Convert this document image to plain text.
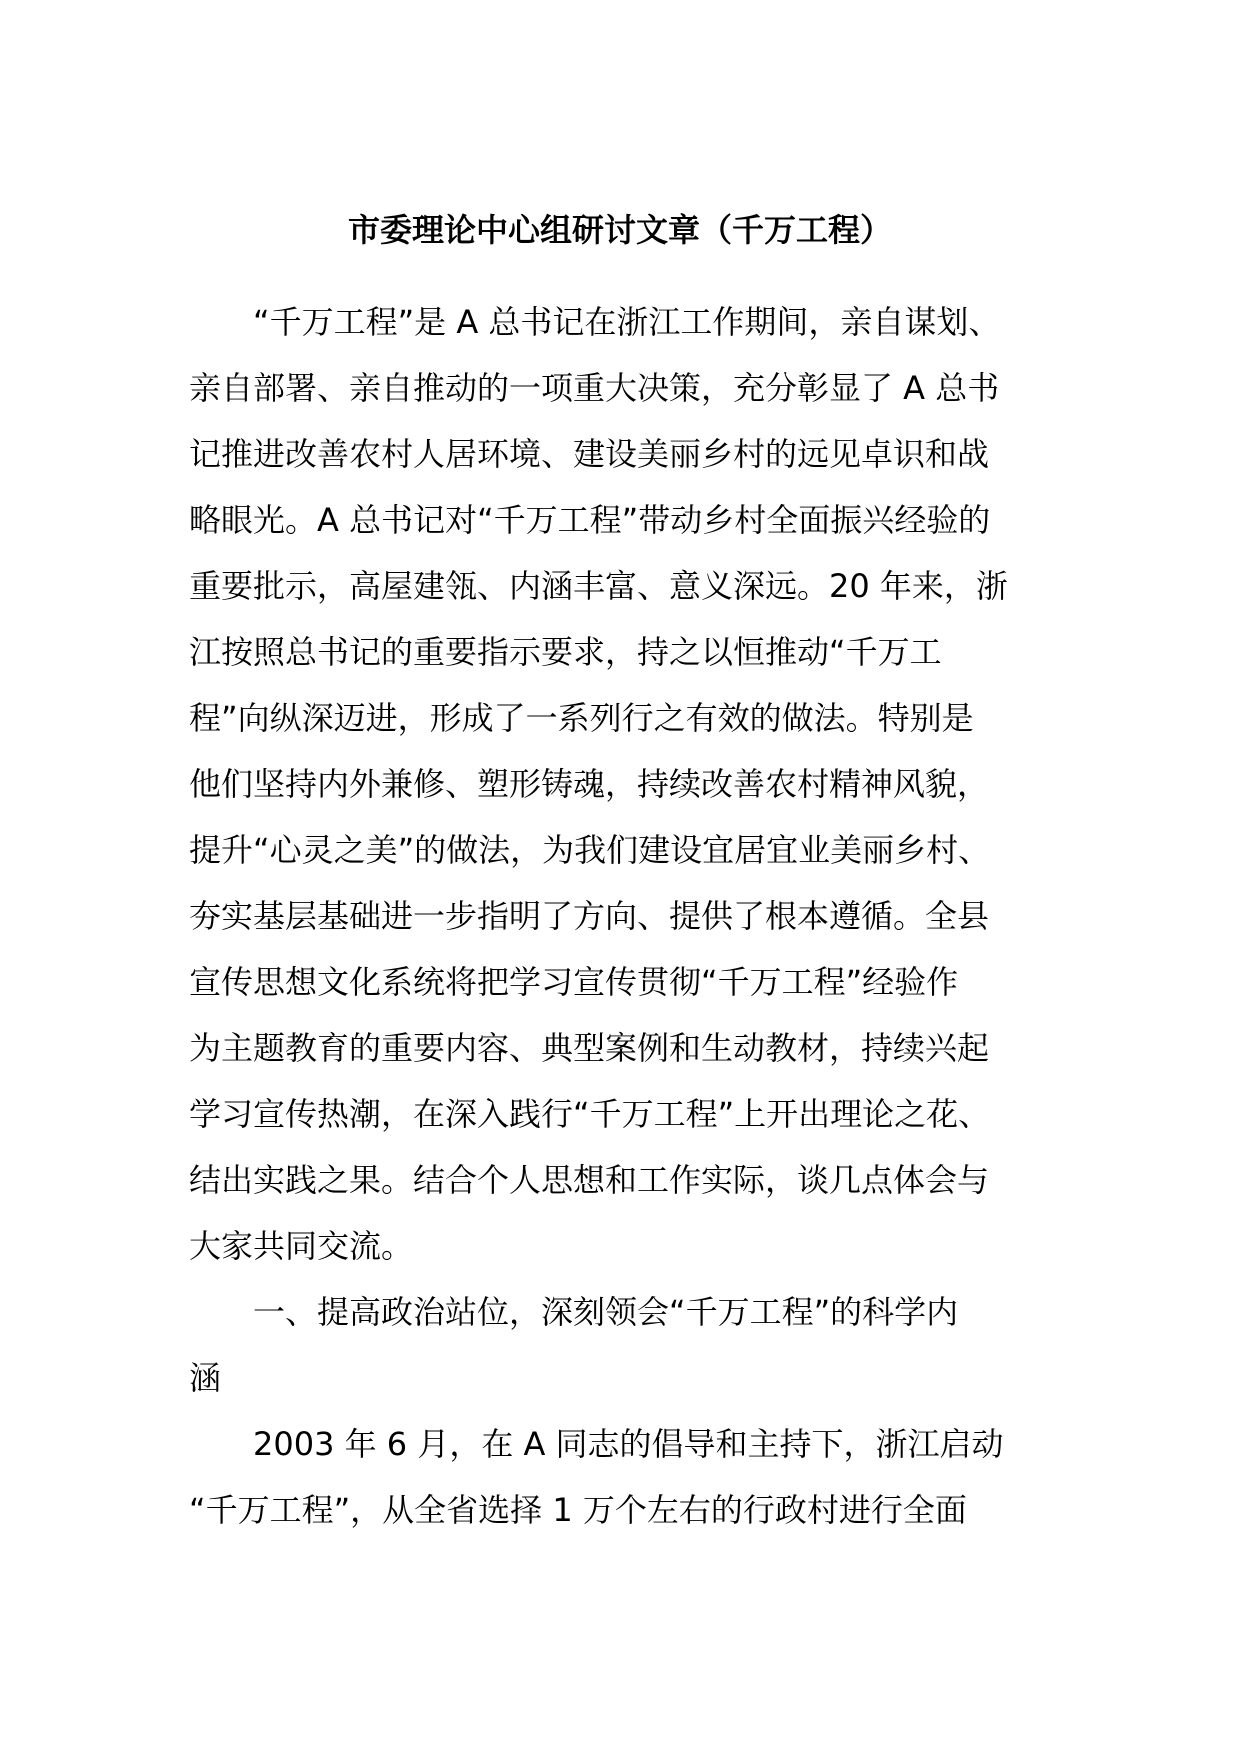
市委理论中心组研讨文章（千万工程）
　　“千万工程”是 A 总书记在浙江工作期间，亲自谋划、
亲自部署、亲自推动的一项重大决策，充分彰显了 A 总书
记推进改善农村人居环境、建设美丽乡村的远见卓识和战
略眼光。A 总书记对“千万工程”带动乡村全面振兴经验的
重要批示，高屋建瓴、内涵丰富、意义深远。20 年来，浙
江按照总书记的重要指示要求，持之以恒推动“千万工
程”向纵深迈进，形成了一系列行之有效的做法。特别是
他们坚持内外兼修、塑形铸魂，持续改善农村精神风貌，
提升“心灵之美”的做法，为我们建设宜居宜业美丽乡村、
夯实基层基础进一步指明了方向、提供了根本遵循。全县
宣传思想文化系统将把学习宣传贯彻“千万工程”经验作
为主题教育的重要内容、典型案例和生动教材，持续兴起
学习宣传热潮，在深入践行“千万工程”上开出理论之花、
结出实践之果。结合个人思想和工作实际，谈几点体会与
大家共同交流。
　　一、提高政治站位，深刻领会“千万工程”的科学内
涵
　　2003 年 6 月，在 A 同志的倡导和主持下，浙江启动
“千万工程”，从全省选择 1 万个左右的行政村进行全面
